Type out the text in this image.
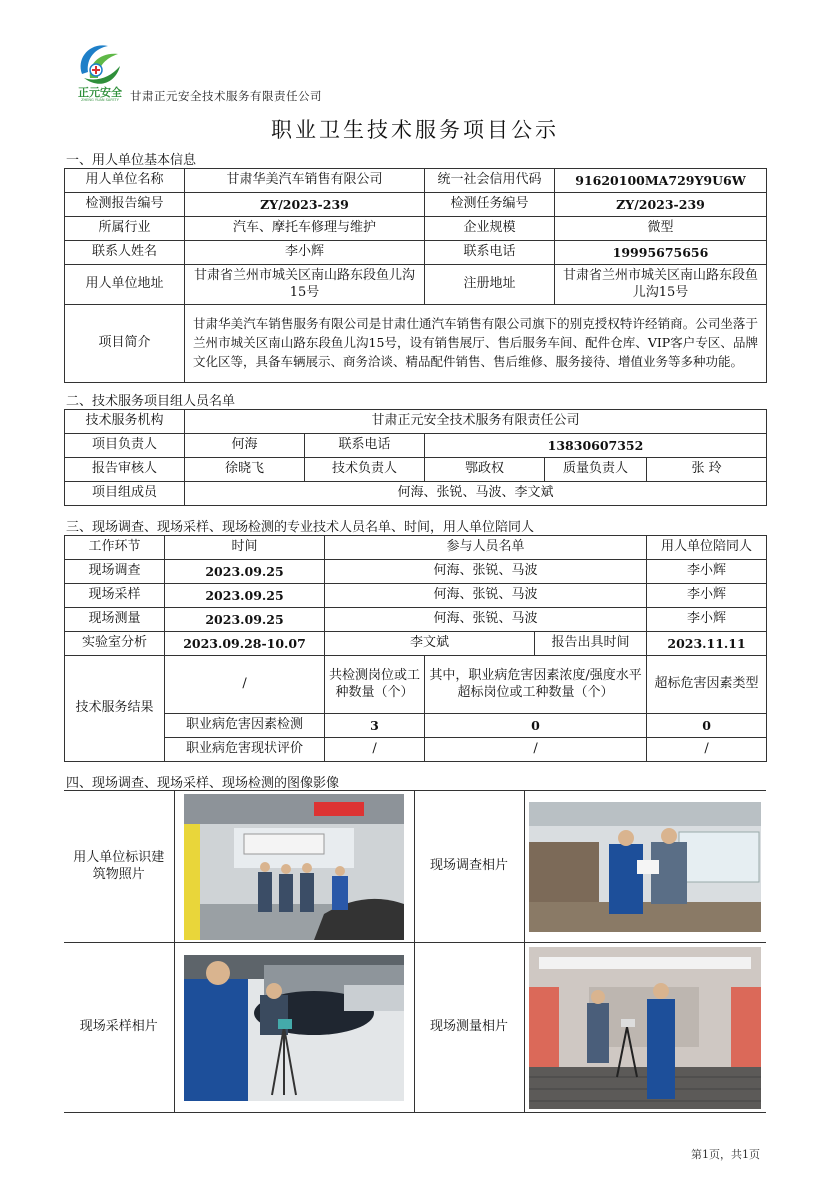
正元安全
ZHENG YUAN SAFETY 甘肃正元安全技术服务有限责任公司
职业卫生技术服务项目公示
一、用人单位基本信息
用人单位名称	甘肃华美汽车销售有限公司	统一社会信用代码	91620100MA729Y9U6W
检测报告编号	ZY/2023-239	检测任务编号	ZY/2023-239
所属行业	汽车、摩托车修理与维护	企业规模	微型
联系人姓名	李小辉	联系电话	19995675656
用人单位地址	甘肃省兰州市城关区南山路东段鱼儿沟15号	注册地址	甘肃省兰州市城关区南山路东段鱼儿沟15号
项目简介	甘肃华美汽车销售服务有限公司是甘肃仕通汽车销售有限公司旗下的别克授权特许经销商。公司坐落于兰州市城关区南山路东段鱼儿沟15号，设有销售展厅、售后服务车间、配件仓库、VIP客户专区、品牌文化区等，具备车辆展示、商务洽谈、精品配件销售、售后维修、服务接待、增值业务等多种功能。		
二、技术服务项目组人员名单
技术服务机构	甘肃正元安全技术服务有限责任公司				
项目负责人	何海	联系电话	13830607352		
报告审核人	徐晓飞	技术负责人	鄂政权	质量负责人	张 玲
项目组成员	何海、张锐、马波、李文斌				
三、现场调查、现场采样、现场检测的专业技术人员名单、时间，用人单位陪同人
工作环节	时间	参与人员名单			用人单位陪同人
现场调查	2023.09.25	何海、张锐、马波			李小辉
现场采样	2023.09.25	何海、张锐、马波			李小辉
现场测量	2023.09.25	何海、张锐、马波			李小辉
实验室分析	2023.09.28-10.07	李文斌		报告出具时间	2023.11.11
技术服务结果	/	共检测岗位或工种数量（个）	其中，职业病危害因素浓度/强度水平超标岗位或工种数量（个）		超标危害因素类型
	职业病危害因素检测	3	0		0
	职业病危害现状评价	/	/		/
四、现场调查、现场采样、现场检测的图像影像
用人单位标识建筑物照片		现场调查相片	

现场采样相片		现场测量相片	
第1页，共1页
